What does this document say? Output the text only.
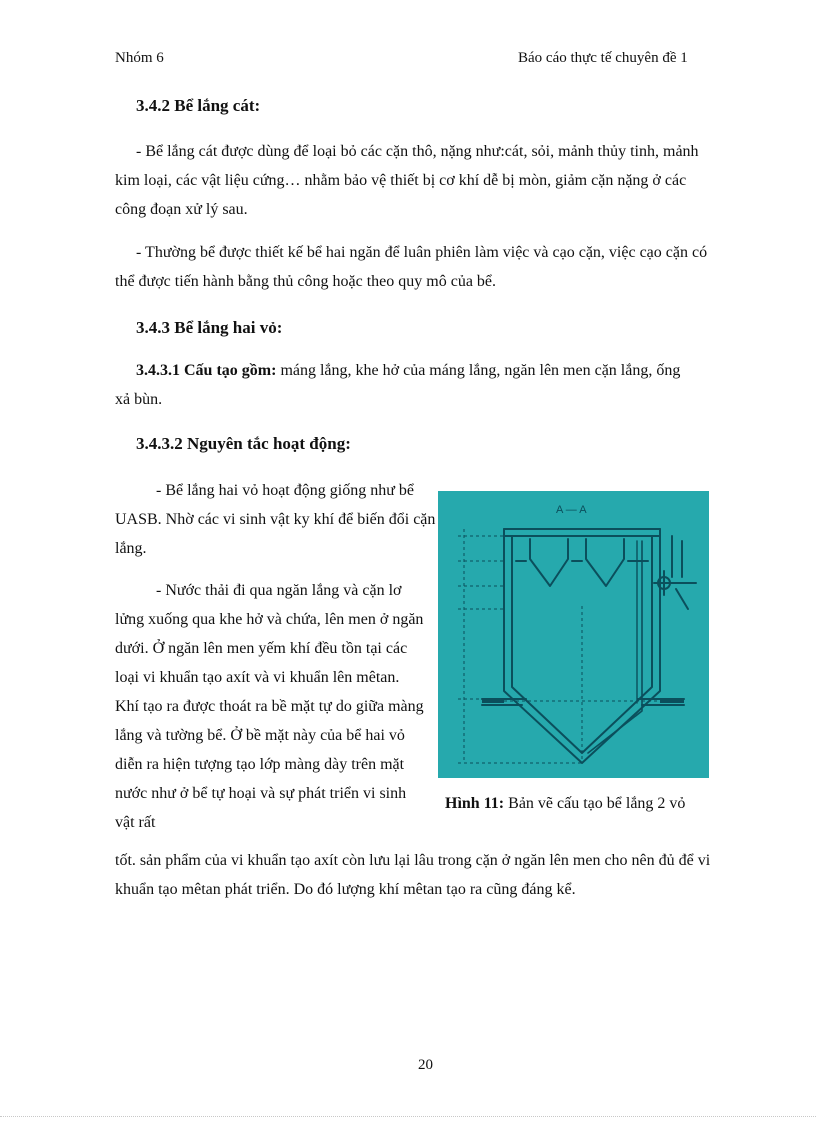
Nhóm 6	Báo cáo thực tế chuyên đề 1
3.4.2 Bể lắng cát:
- Bể lắng cát được dùng để loại bỏ các cặn thô, nặng như:cát, sỏi, mảnh thủy tinh, mảnh kim loại, các vật liệu cứng… nhằm bảo vệ thiết bị cơ khí dễ bị mòn, giảm cặn nặng ở các công đoạn xử lý sau.
- Thường bể được thiết kế bể hai ngăn để luân phiên làm việc và cạo cặn, việc cạo cặn có thể được tiến hành bằng thủ công hoặc theo quy mô của bể.
3.4.3 Bể lắng hai vỏ:
3.4.3.1 Cấu tạo gồm: máng lắng, khe hở của máng lắng, ngăn lên men cặn lắng, ống xả bùn.
3.4.3.2 Nguyên tắc hoạt động:
- Bể lắng hai vỏ hoạt động giống như bể UASB. Nhờ các vi sinh vật ky khí để biến đổi cặn lắng.
- Nước thải đi qua ngăn lắng và cặn lơ lửng xuống qua khe hở và chứa, lên men ở ngăn dưới. Ở ngăn lên men yếm khí đều tồn tại các loại vi khuẩn tạo axít và vi khuẩn lên mêtan. Khí tạo ra được thoát ra bề mặt tự do giữa màng lắng và tường bể. Ở bề mặt này của bể hai vỏ diễn ra hiện tượng tạo lớp màng dày trên mặt nước như ở bể tự hoại và sự phát triển vi sinh vật rất
tốt. sản phẩm của vi khuẩn tạo axít còn lưu lại lâu trong cặn ở ngăn lên men cho nên đủ để vi khuẩn tạo mêtan phát triển. Do đó lượng khí mêtan tạo ra cũng đáng kể.
A — A
Hình 11: Bản vẽ cấu tạo bể lắng 2 vỏ
20
